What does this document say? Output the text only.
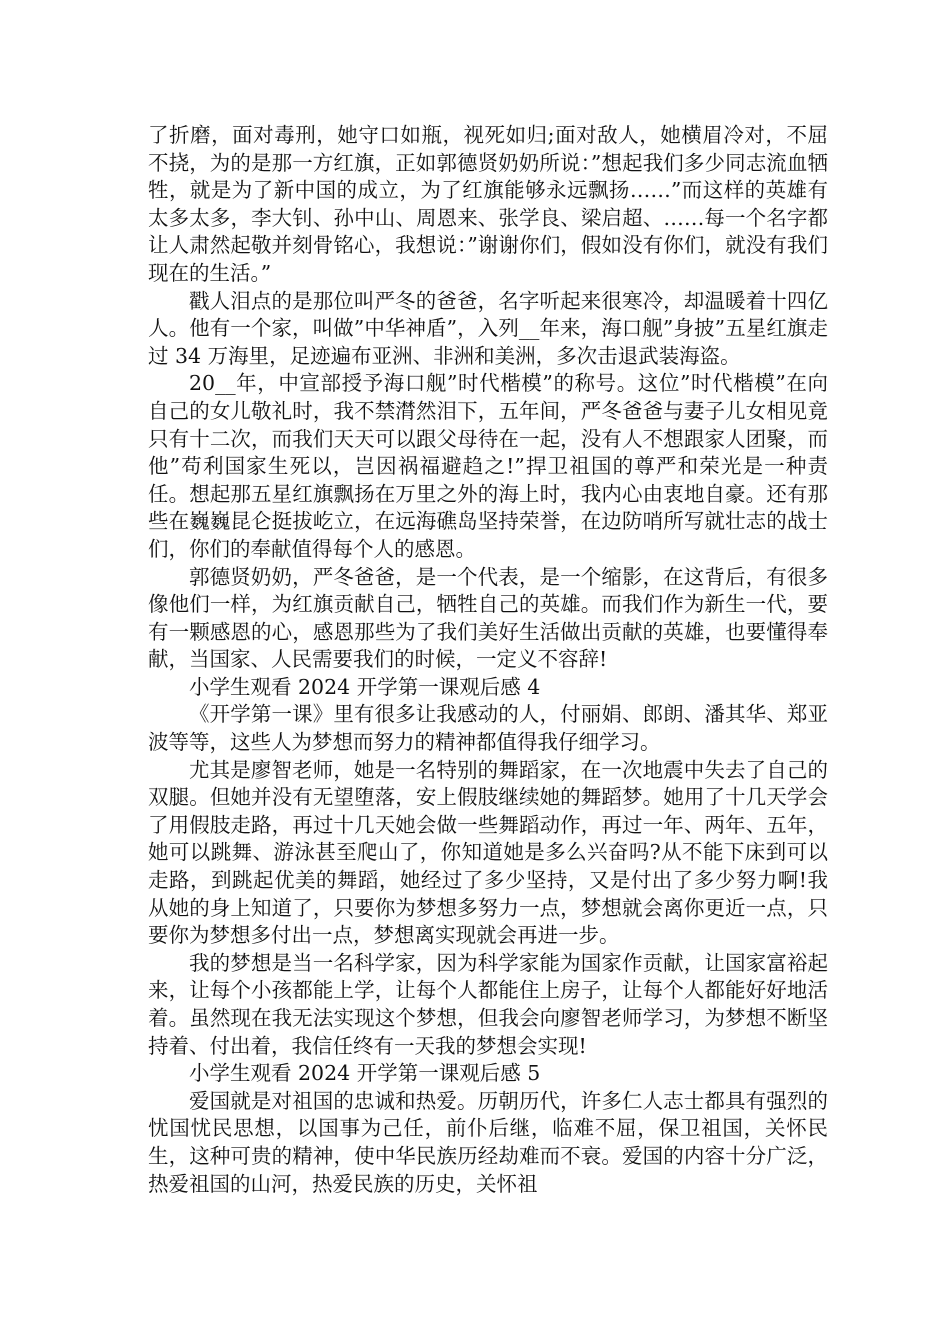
了折磨，面对毒刑，她守口如瓶，视死如归;面对敌人，她横眉冷对，不屈不挠，为的是那一方红旗，正如郭德贤奶奶所说：”想起我们多少同志流血牺牲，就是为了新中国的成立，为了红旗能够永远飘扬……”而这样的英雄有太多太多，李大钊、孙中山、周恩来、张学良、梁启超、……每一个名字都让人肃然起敬并刻骨铭心，我想说：”谢谢你们，假如没有你们，就没有我们现在的生活。”

戳人泪点的是那位叫严冬的爸爸，名字听起来很寒冷，却温暖着十四亿人。他有一个家，叫做”中华神盾”，入列__年来，海口舰”身披”五星红旗走过 34 万海里，足迹遍布亚洲、非洲和美洲，多次击退武装海盗。

20__年，中宣部授予海口舰”时代楷模”的称号。这位”时代楷模”在向自己的女儿敬礼时，我不禁潸然泪下，五年间，严冬爸爸与妻子儿女相见竟只有十二次，而我们天天可以跟父母待在一起，没有人不想跟家人团聚，而他”苟利国家生死以，岂因祸福避趋之!”捍卫祖国的尊严和荣光是一种责任。想起那五星红旗飘扬在万里之外的海上时，我内心由衷地自豪。还有那些在巍巍昆仑挺拔屹立，在远海礁岛坚持荣誉，在边防哨所写就壮志的战士们，你们的奉献值得每个人的感恩。

郭德贤奶奶，严冬爸爸，是一个代表，是一个缩影，在这背后，有很多像他们一样，为红旗贡献自己，牺牲自己的英雄。而我们作为新生一代，要有一颗感恩的心，感恩那些为了我们美好生活做出贡献的英雄，也要懂得奉献，当国家、人民需要我们的时候，一定义不容辞!

小学生观看 2024 开学第一课观后感 4

《开学第一课》里有很多让我感动的人，付丽娟、郎朗、潘其华、郑亚波等等，这些人为梦想而努力的精神都值得我仔细学习。

尤其是廖智老师，她是一名特别的舞蹈家，在一次地震中失去了自己的双腿。但她并没有无望堕落，安上假肢继续她的舞蹈梦。她用了十几天学会了用假肢走路，再过十几天她会做一些舞蹈动作，再过一年、两年、五年，她可以跳舞、游泳甚至爬山了，你知道她是多么兴奋吗?从不能下床到可以走路，到跳起优美的舞蹈，她经过了多少坚持，又是付出了多少努力啊!我从她的身上知道了，只要你为梦想多努力一点，梦想就会离你更近一点，只要你为梦想多付出一点，梦想离实现就会再进一步。

我的梦想是当一名科学家，因为科学家能为国家作贡献，让国家富裕起来，让每个小孩都能上学，让每个人都能住上房子，让每个人都能好好地活着。虽然现在我无法实现这个梦想，但我会向廖智老师学习，为梦想不断坚持着、付出着，我信任终有一天我的梦想会实现!

小学生观看 2024 开学第一课观后感 5

爱国就是对祖国的忠诚和热爱。历朝历代，许多仁人志士都具有强烈的忧国忧民思想，以国事为己任，前仆后继，临难不屈，保卫祖国，关怀民生，这种可贵的精神，使中华民族历经劫难而不衰。爱国的内容十分广泛，热爱祖国的山河，热爱民族的历史，关怀祖
